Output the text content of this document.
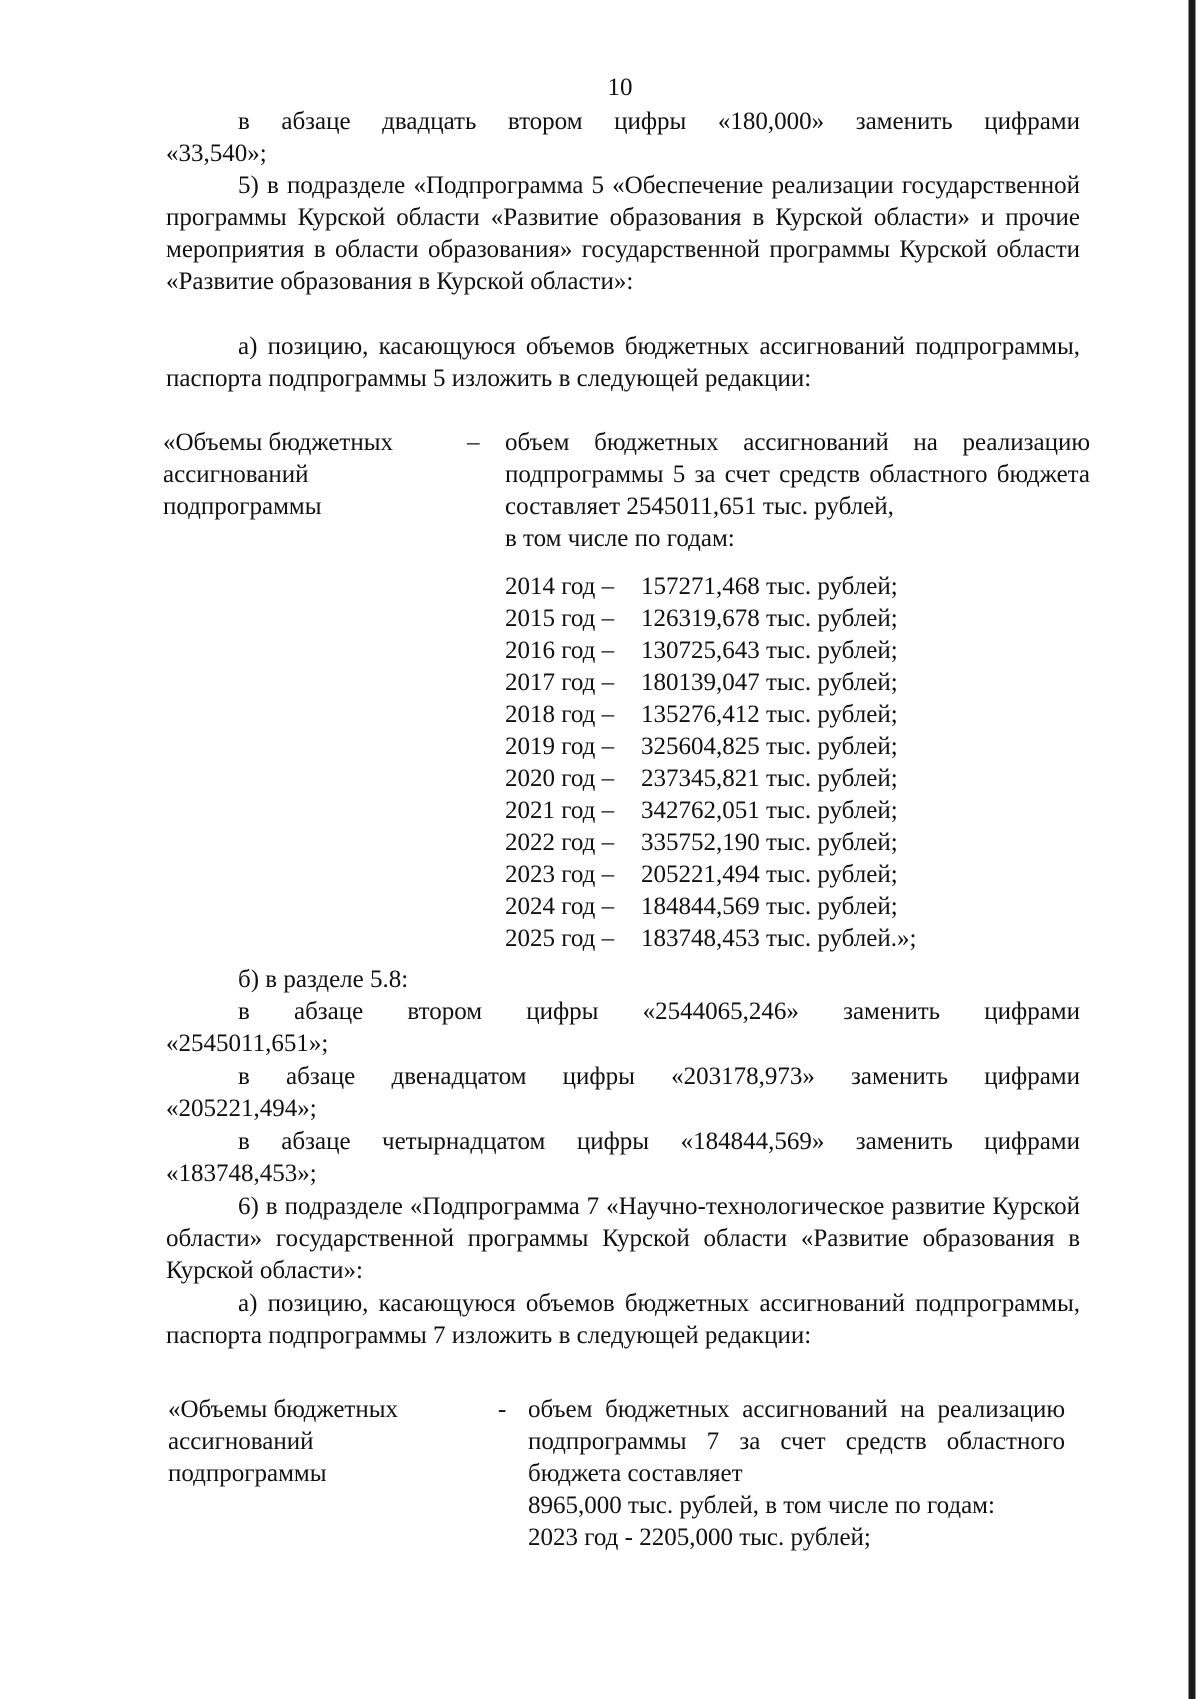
10
в абзаце двадцать втором цифры «180,000» заменить цифрами
«33,540»;
5) в подразделе «Подпрограмма 5 «Обеспечение реализации государственной программы Курской области «Развитие образования в Курской области» и прочие мероприятия в области образования» государственной программы Курской области «Развитие образования в Курской области»:
а) позицию, касающуюся объемов бюджетных ассигнований подпрограммы, паспорта подпрограммы 5 изложить в следующей редакции:
«Объемы бюджетных
ассигнований
подпрограммы
– объем бюджетных ассигнований на реализацию подпрограммы 5 за счет средств областного бюджета составляет 2545011,651 тыс. рублей,
в том числе по годам:
2014 год – 157271,468 тыс. рублей;
2015 год – 126319,678 тыс. рублей;
2016 год – 130725,643 тыс. рублей;
2017 год – 180139,047 тыс. рублей;
2018 год – 135276,412 тыс. рублей;
2019 год – 325604,825 тыс. рублей;
2020 год – 237345,821 тыс. рублей;
2021 год – 342762,051 тыс. рублей;
2022 год – 335752,190 тыс. рублей;
2023 год – 205221,494 тыс. рублей;
2024 год – 184844,569 тыс. рублей;
2025 год – 183748,453 тыс. рублей.»;
б) в разделе 5.8:
в абзаце втором цифры «2544065,246» заменить цифрами
«2545011,651»;
в абзаце двенадцатом цифры «203178,973» заменить цифрами
«205221,494»;
в абзаце четырнадцатом цифры «184844,569» заменить цифрами
«183748,453»;
6) в подразделе «Подпрограмма 7 «Научно-технологическое развитие Курской области» государственной программы Курской области «Развитие образования в Курской области»:
а) позицию, касающуюся объемов бюджетных ассигнований подпрограммы, паспорта подпрограммы 7 изложить в следующей редакции:
«Объемы бюджетных
ассигнований
подпрограммы
- объем бюджетных ассигнований на реализацию подпрограммы 7 за счет средств областного бюджета составляет
8965,000 тыс. рублей, в том числе по годам:
2023 год - 2205,000 тыс. рублей;
